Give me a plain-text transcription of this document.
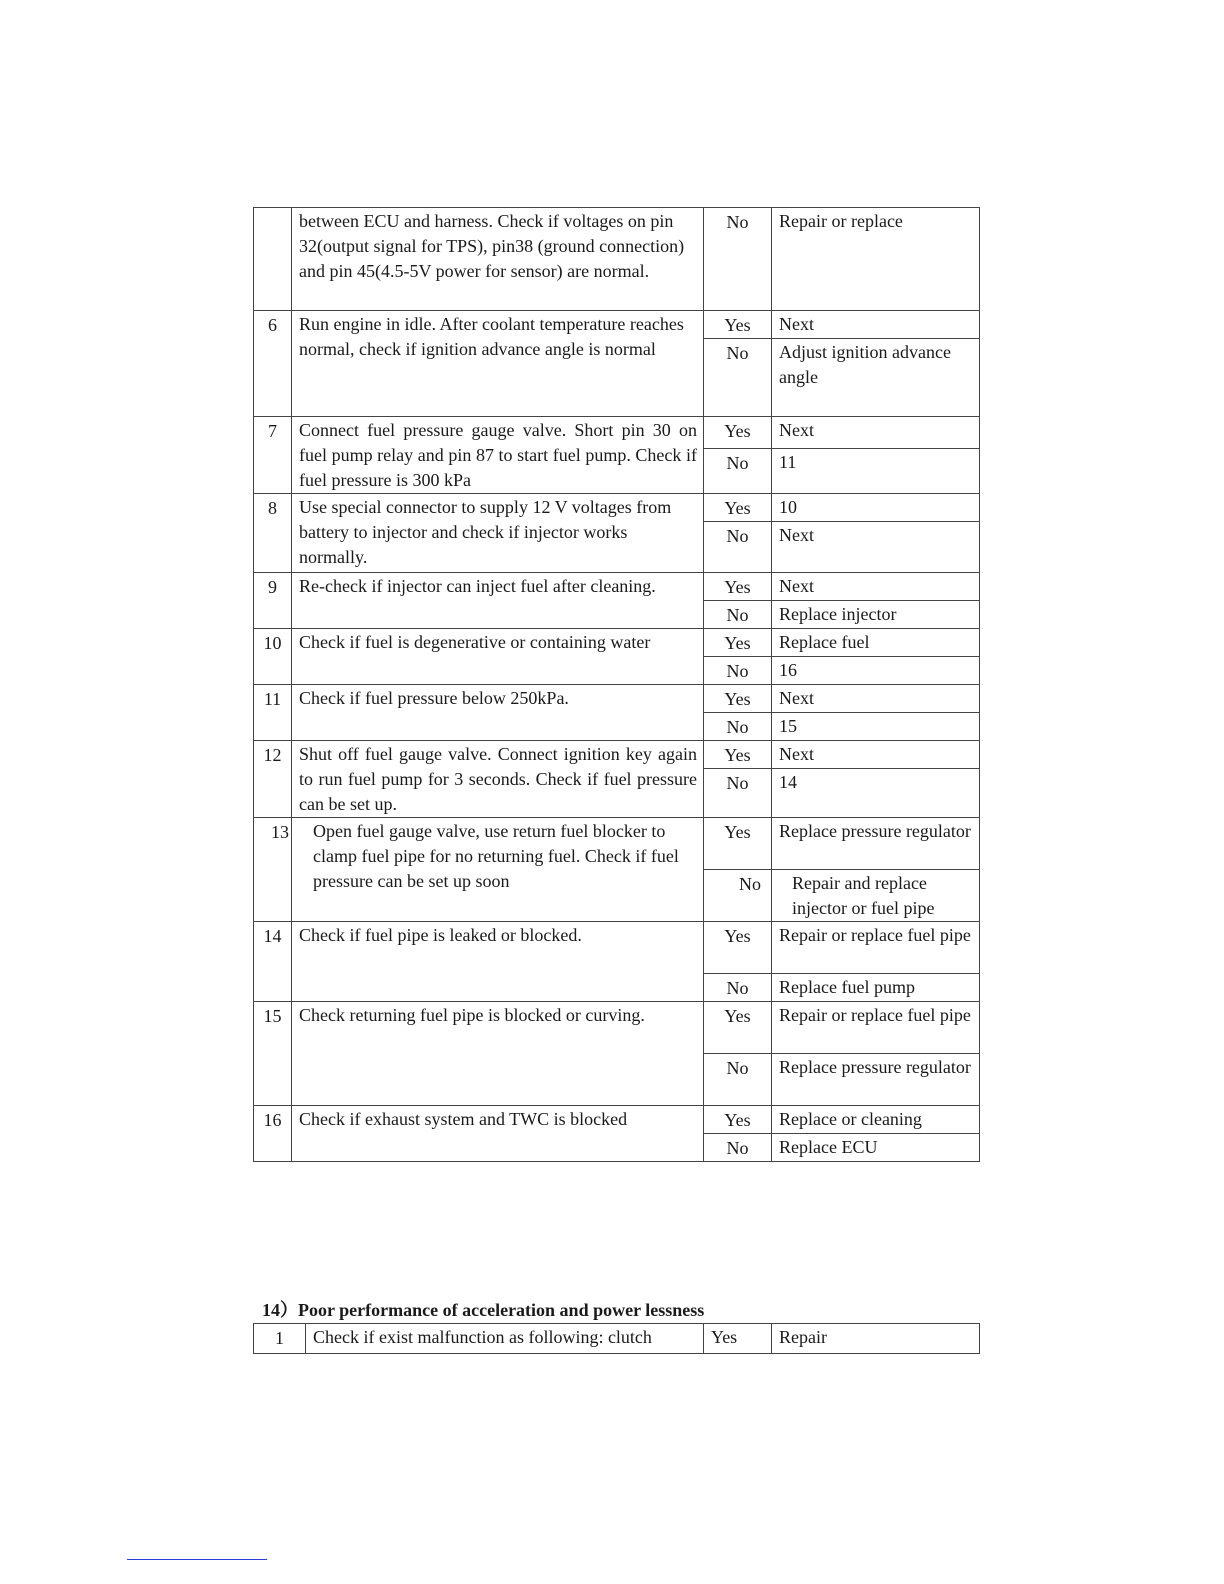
	between ECU and harness. Check if voltages on pin 32(output signal for TPS), pin38 (ground connection) and pin 45(4.5-5V power for sensor) are normal.	No	Repair or replace
6	Run engine in idle. After coolant temperature reaches normal, check if ignition advance angle is normal	Yes	Next
		No	Adjust ignition advance angle
7	Connect fuel pressure gauge valve. Short pin 30 on fuel pump relay and pin 87 to start fuel pump. Check if fuel pressure is 300 kPa	Yes	Next
		No	11
8	Use special connector to supply 12 V voltages from battery to injector and check if injector works normally.	Yes	10
		No	Next
9	Re-check if injector can inject fuel after cleaning.	Yes	Next
		No	Replace injector
10	Check if fuel is degenerative or containing water	Yes	Replace fuel
		No	16
11	Check if fuel pressure below 250kPa.	Yes	Next
		No	15
12	Shut off fuel gauge valve. Connect ignition key again to run fuel pump for 3 seconds. Check if fuel pressure can be set up.	Yes	Next
		No	14
13	Open fuel gauge valve, use return fuel blocker to clamp fuel pipe for no returning fuel. Check if fuel pressure can be set up soon	Yes	Replace pressure regulator
		No	Repair and replace injector or fuel pipe
14	Check if fuel pipe is leaked or blocked.	Yes	Repair or replace fuel pipe
		No	Replace fuel pump
15	Check returning fuel pipe is blocked or curving.	Yes	Repair or replace fuel pipe
		No	Replace pressure regulator
16	Check if exhaust system and TWC is blocked	Yes	Replace or cleaning
		No	Replace ECU
14）Poor performance of acceleration and power lessness
1	Check if exist malfunction as following: clutch	Yes	Repair
